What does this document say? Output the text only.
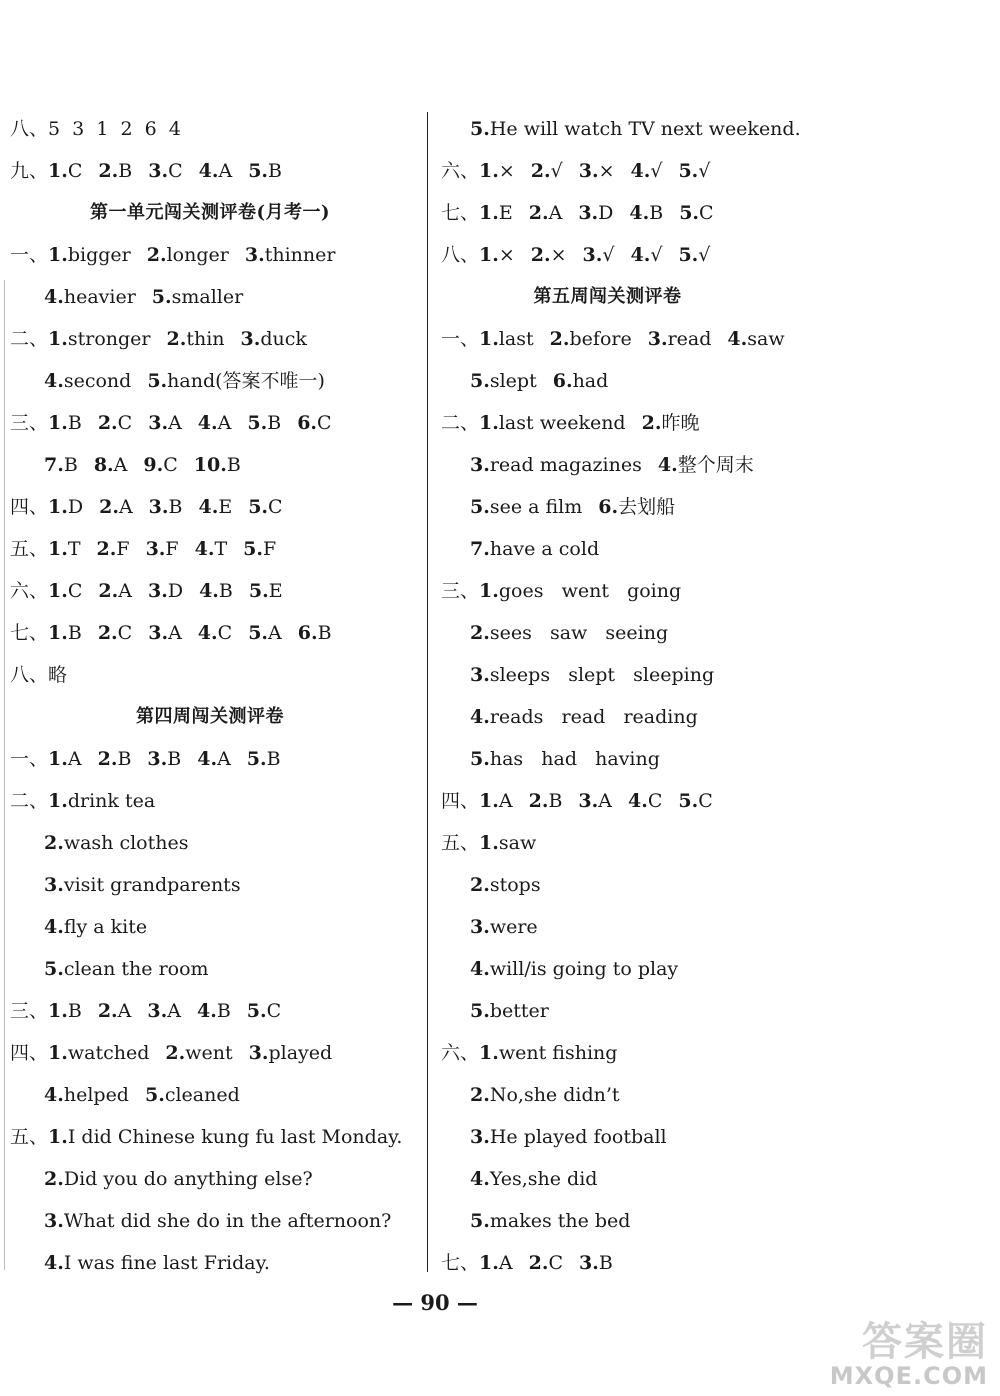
八、5  3  1  2  6  4
九、1.C 2.B 3.C 4.A 5.B
第一单元闯关测评卷(月考一)
一、1.bigger 2.longer 3.thinner
4.heavier 5.smaller
二、1.stronger 2.thin 3.duck
4.second 5.hand(答案不唯一)
三、1.B 2.C 3.A 4.A 5.B 6.C
7.B 8.A 9.C 10.B
四、1.D 2.A 3.B 4.E 5.C
五、1.T 2.F 3.F 4.T 5.F
六、1.C 2.A 3.D 4.B 5.E
七、1.B 2.C 3.A 4.C 5.A 6.B
八、略
第四周闯关测评卷
一、1.A 2.B 3.B 4.A 5.B
二、1.drink tea
2.wash clothes
3.visit grandparents
4.fly a kite
5.clean the room
三、1.B 2.A 3.A 4.B 5.C
四、1.watched 2.went 3.played
4.helped 5.cleaned
五、1.I did Chinese kung fu last Monday.
2.Did you do anything else?
3.What did she do in the afternoon?
4.I was fine last Friday.
5.He will watch TV next weekend.
六、1.× 2.√ 3.× 4.√ 5.√
七、1.E 2.A 3.D 4.B 5.C
八、1.× 2.× 3.√ 4.√ 5.√
第五周闯关测评卷
一、1.last 2.before 3.read 4.saw
5.slept 6.had
二、1.last weekend 2.昨晚
3.read magazines 4.整个周末
5.see a film 6.去划船
7.have a cold
三、1.goes   went   going
2.sees   saw   seeing
3.sleeps   slept   sleeping
4.reads   read   reading
5.has   had   having
四、1.A 2.B 3.A 4.C 5.C
五、1.saw
2.stops
3.were
4.will/is going to play
5.better
六、1.went fishing
2.No,she didn’t
3.He played football
4.Yes,she did
5.makes the bed
七、1.A 2.C 3.B
— 90 —
答案圈
MXQE.COM
